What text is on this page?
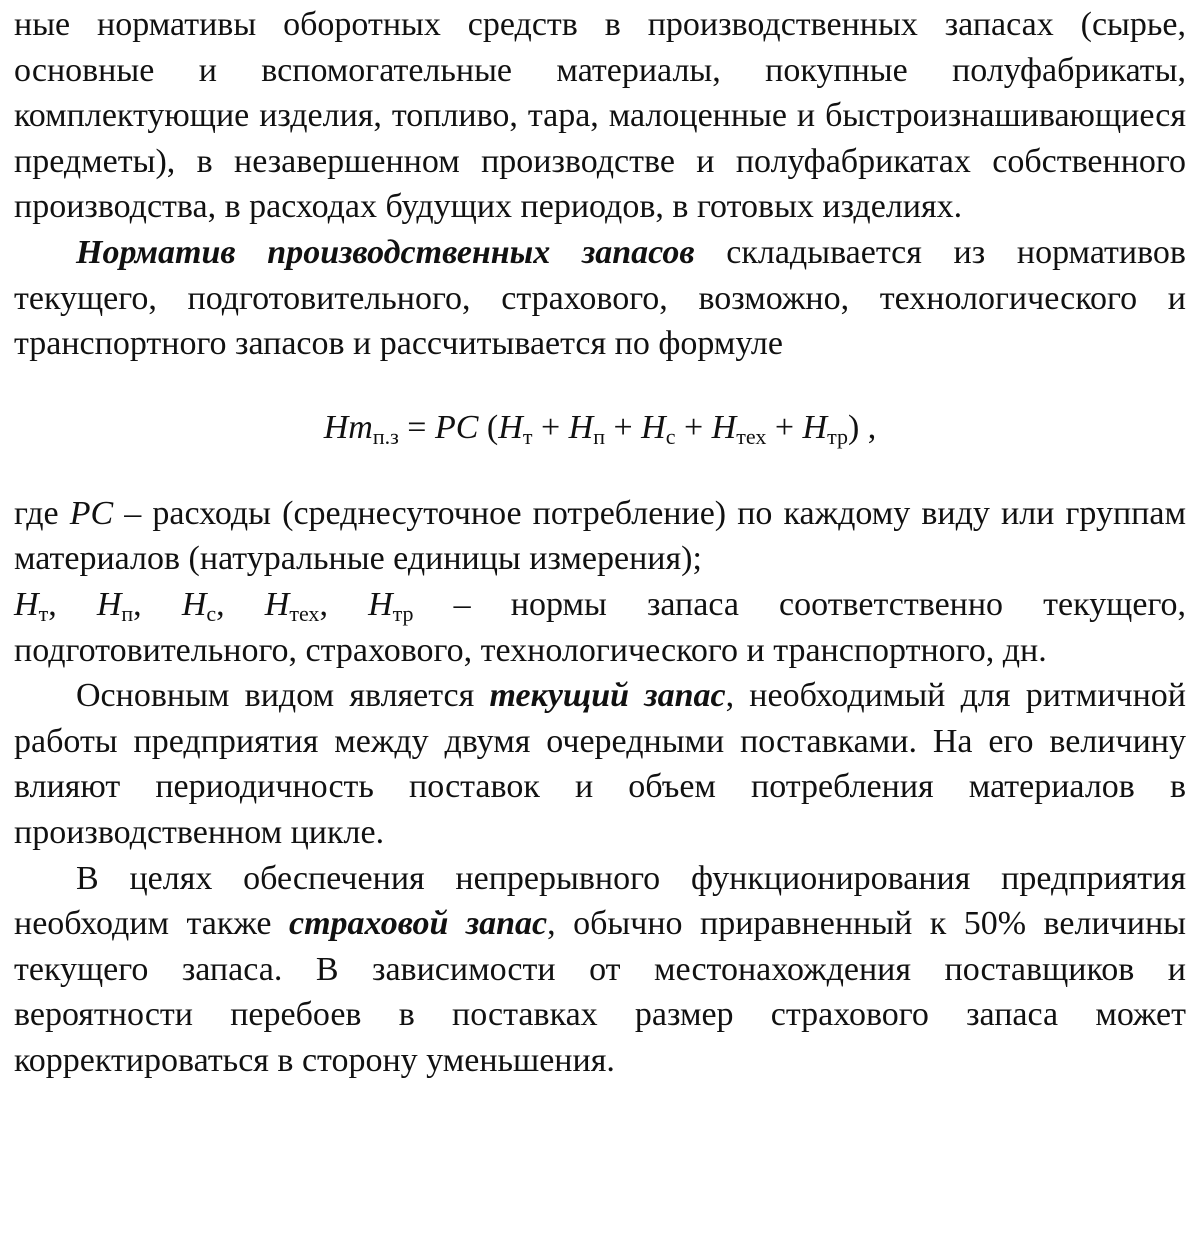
ные нормативы оборотных средств в производственных запасах (сырье, основные и вспомогательные материалы, покупные полуфабрикаты, комплектующие изделия, топливо, тара, малоценные и быстроизнашивающиеся предметы), в незавершенном производстве и полуфабрикатах собственного производства, в расходах будущих периодов, в готовых изделиях.

Норматив производственных запасов складывается из нормативов текущего, подготовительного, страхового, возможно, технологического и транспортного запасов и рассчитывается по формуле

$Нт_{п.з}$ = РС $(Н_т + Н_п + Н_с + Н_{тех} + Н_{тр})$ ,

где РС – расходы (среднесуточное потребление) по каждому виду или группам материалов (натуральные единицы измерения);
$Н_т$, $Н_п$, $Н_с$, $Н_{тех}$, $Н_{тр}$ – нормы запаса соответственно текущего, подготовительного, страхового, технологического и транспортного, дн.

Основным видом является текущий запас, необходимый для ритмичной работы предприятия между двумя очередными поставками. На его величину влияют периодичность поставок и объем потребления материалов в производственном цикле.

В целях обеспечения непрерывного функционирования предприятия необходим также страховой запас, обычно приравненный к 50% величины текущего запаса. В зависимости от местонахождения поставщиков и вероятности перебоев в поставках размер страхового запаса может корректироваться в сторону уменьшения.
